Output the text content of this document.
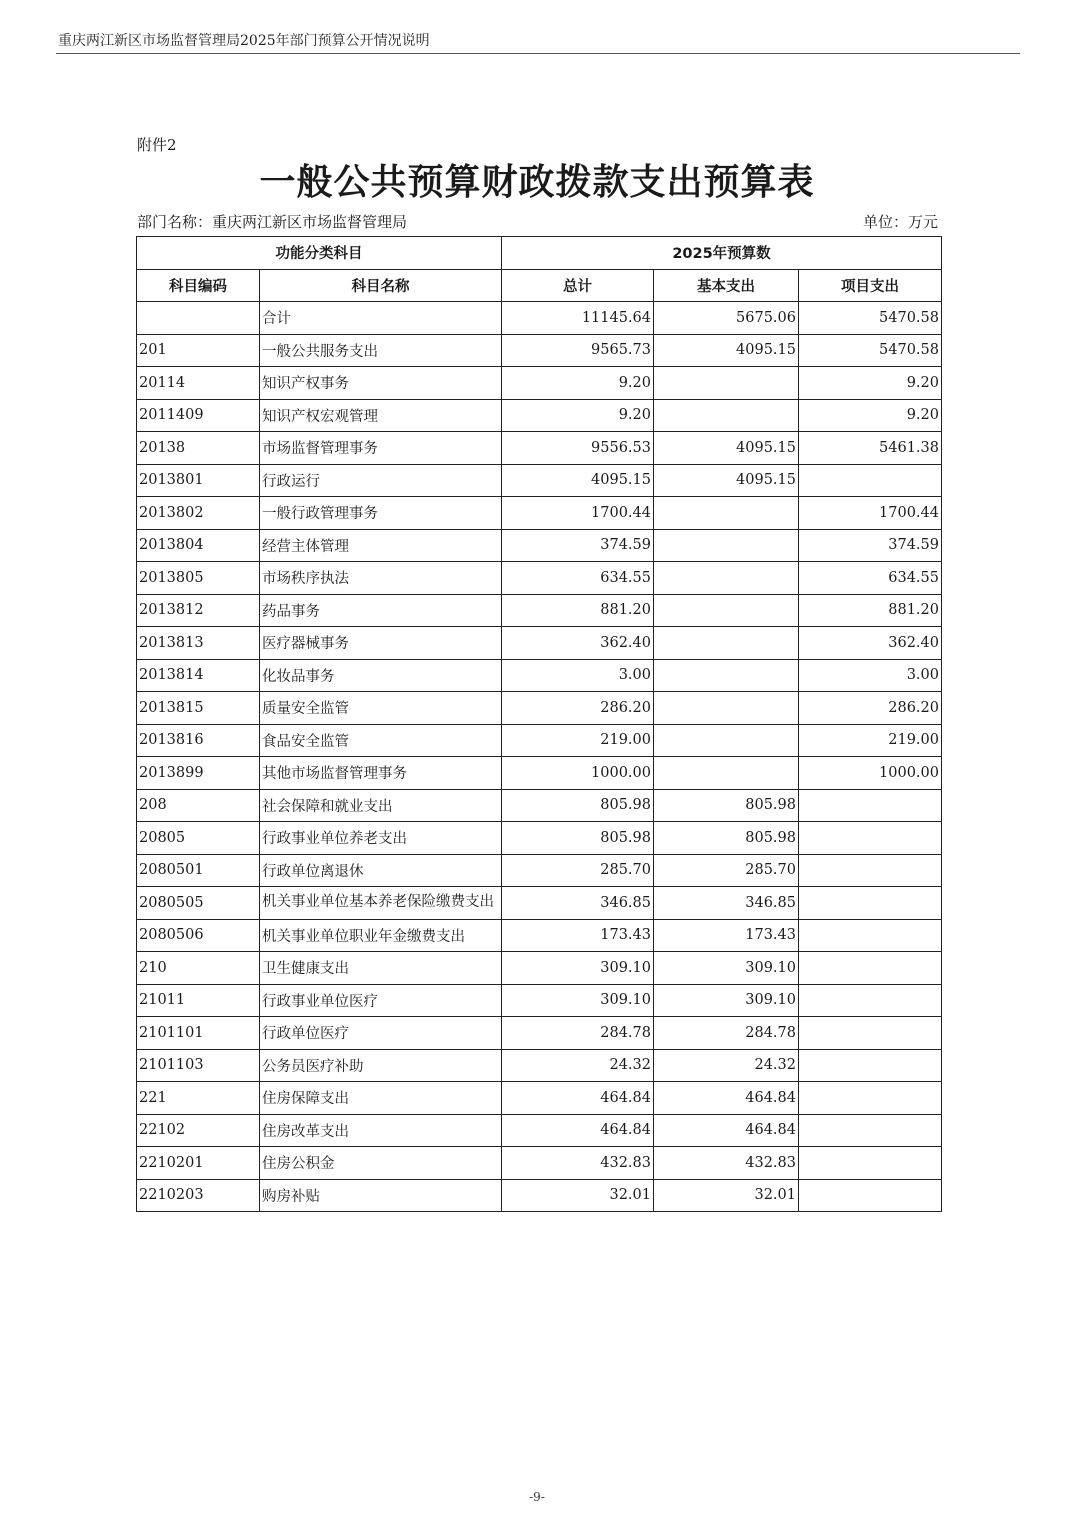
重庆两江新区市场监督管理局2025年部门预算公开情况说明
附件2
一般公共预算财政拨款支出预算表
部门名称：重庆两江新区市场监督管理局	单位：万元
功能分类科目		2025年预算数		
科目编码	科目名称	总计	基本支出	项目支出
	合计	11145.64	5675.06	5470.58
201	一般公共服务支出	9565.73	4095.15	5470.58
20114	知识产权事务	9.20		9.20
2011409	知识产权宏观管理	9.20		9.20
20138	市场监督管理事务	9556.53	4095.15	5461.38
2013801	行政运行	4095.15	4095.15	
2013802	一般行政管理事务	1700.44		1700.44
2013804	经营主体管理	374.59		374.59
2013805	市场秩序执法	634.55		634.55
2013812	药品事务	881.20		881.20
2013813	医疗器械事务	362.40		362.40
2013814	化妆品事务	3.00		3.00
2013815	质量安全监管	286.20		286.20
2013816	食品安全监管	219.00		219.00
2013899	其他市场监督管理事务	1000.00		1000.00
208	社会保障和就业支出	805.98	805.98	
20805	行政事业单位养老支出	805.98	805.98	
2080501	行政单位离退休	285.70	285.70	
2080505	机关事业单位基本养老保险缴费支出	346.85	346.85	
2080506	机关事业单位职业年金缴费支出	173.43	173.43	
210	卫生健康支出	309.10	309.10	
21011	行政事业单位医疗	309.10	309.10	
2101101	行政单位医疗	284.78	284.78	
2101103	公务员医疗补助	24.32	24.32	
221	住房保障支出	464.84	464.84	
22102	住房改革支出	464.84	464.84	
2210201	住房公积金	432.83	432.83	
2210203	购房补贴	32.01	32.01	
-9-
